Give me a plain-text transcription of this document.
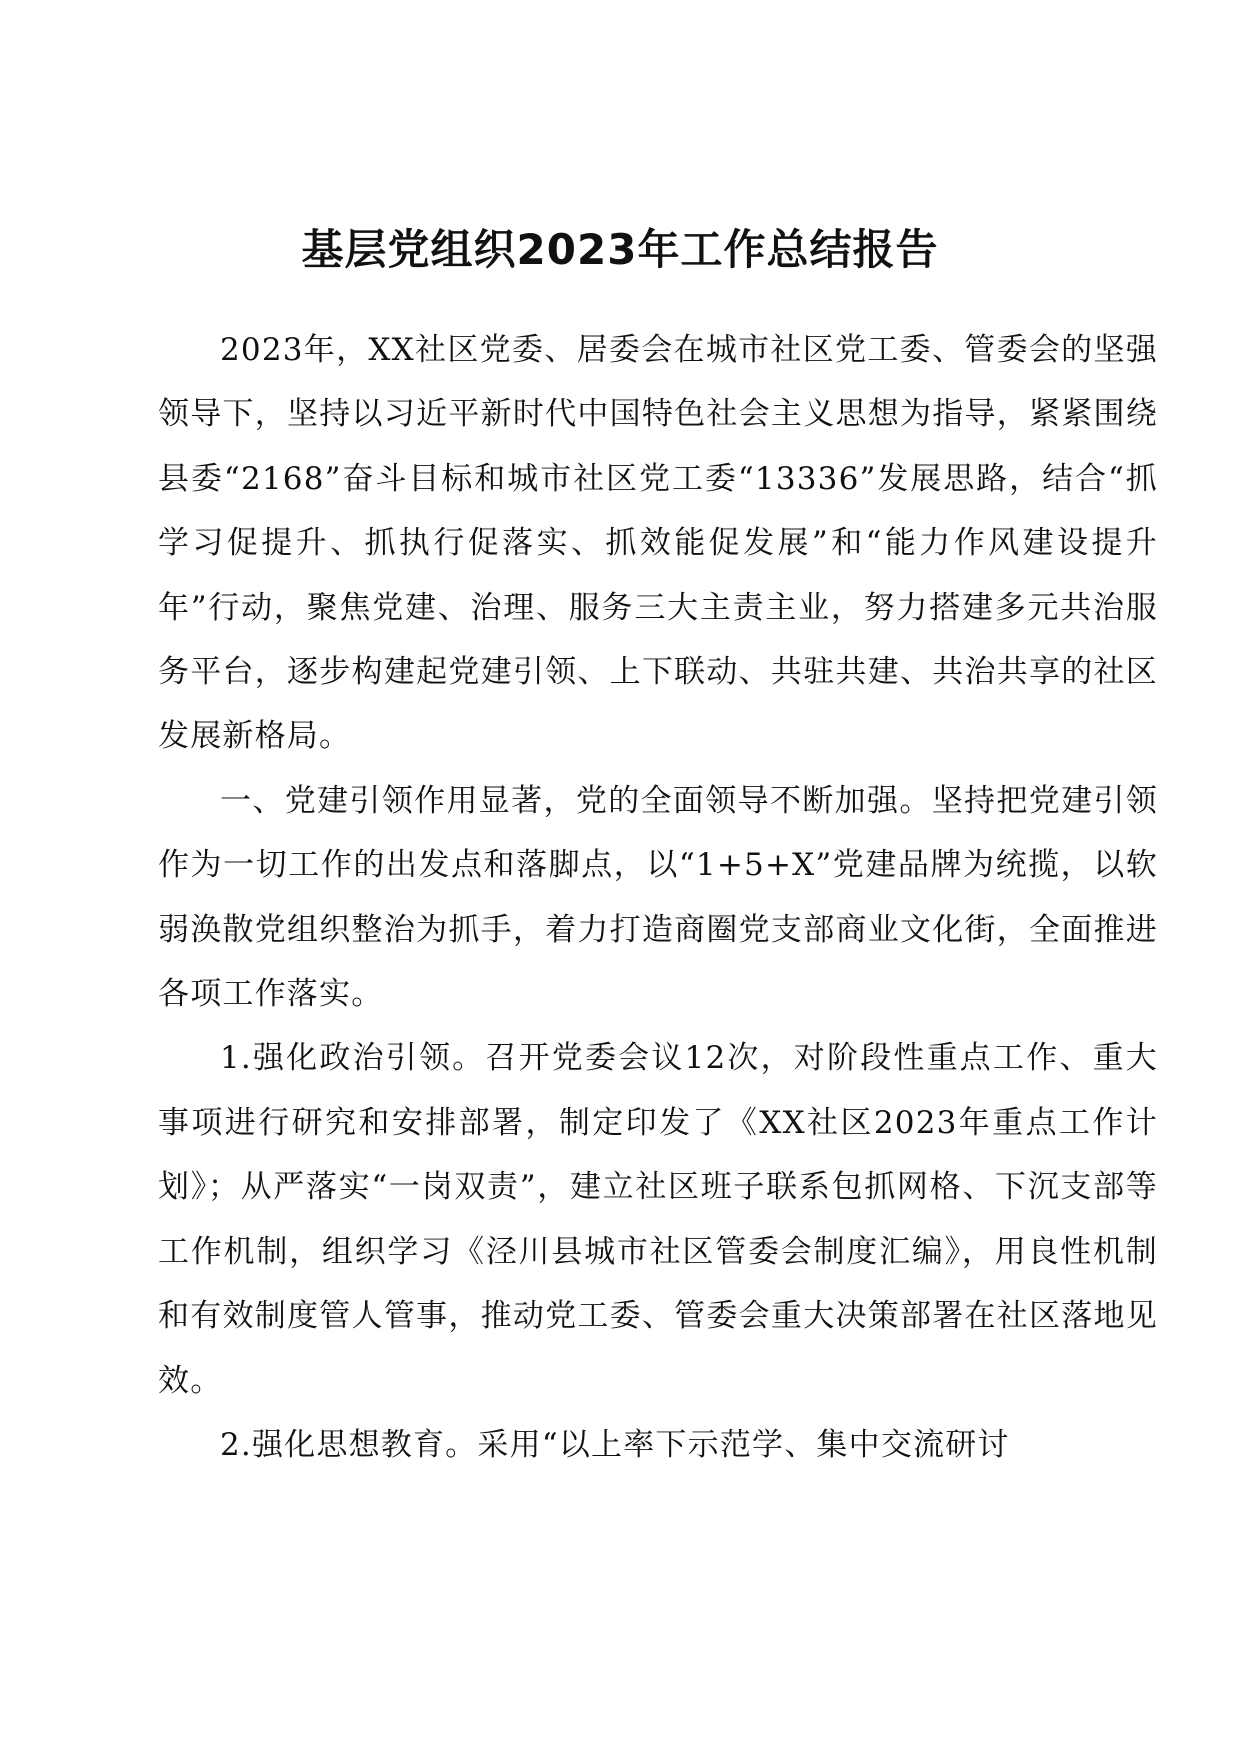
基层党组织2023年工作总结报告

2023年，XX社区党委、居委会在城市社区党工委、管委会的坚强领导下，坚持以习近平新时代中国特色社会主义思想为指导，紧紧围绕县委“2168”奋斗目标和城市社区党工委“13336”发展思路，结合“抓学习促提升、抓执行促落实、抓效能促发展”和“能力作风建设提升年”行动，聚焦党建、治理、服务三大主责主业，努力搭建多元共治服务平台，逐步构建起党建引领、上下联动、共驻共建、共治共享的社区发展新格局。

一、党建引领作用显著，党的全面领导不断加强。坚持把党建引领作为一切工作的出发点和落脚点，以“1+5+X”党建品牌为统揽，以软弱涣散党组织整治为抓手，着力打造商圈党支部商业文化街，全面推进各项工作落实。

1.强化政治引领。召开党委会议12次，对阶段性重点工作、重大事项进行研究和安排部署，制定印发了《XX社区2023年重点工作计划》；从严落实“一岗双责”，建立社区班子联系包抓网格、下沉支部等工作机制，组织学习《泾川县城市社区管委会制度汇编》，用良性机制和有效制度管人管事，推动党工委、管委会重大决策部署在社区落地见效。

2.强化思想教育。采用“以上率下示范学、集中交流研讨
